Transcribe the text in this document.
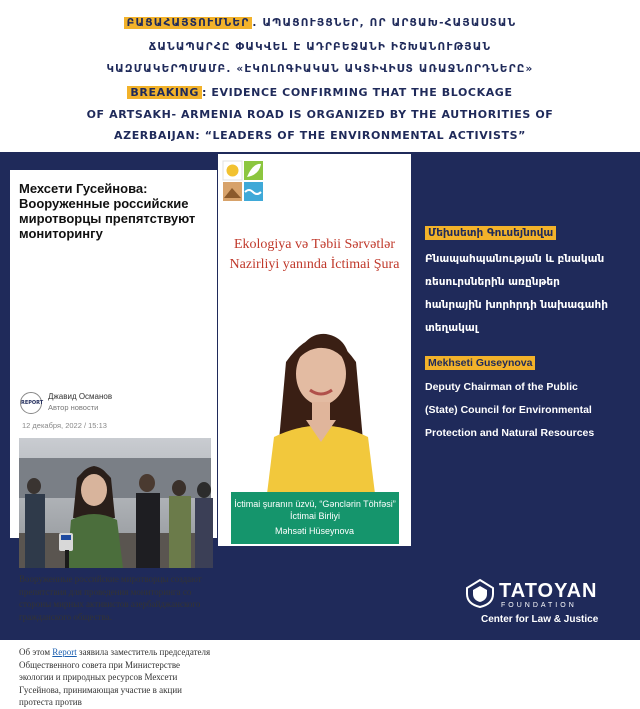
ԲԱՑԱՀԱՅՏՈՒՄՆԵՐ . ԱՊԱՑՈՒՅՑՆԵՐ, ՈՐ ԱՐՑԱԽ-ՀԱՅԱՍՏԱՆ
ՃԱՆԱՊԱՐՀԸ ՓԱԿՎԵԼ Է ԱԴՐԲԵՋԱՆԻ ԻՇԽԱՆՈՒԹՅԱՆ
ԿԱԶՄԱԿԵՐՊՄԱՄԲ. «ԷԿՈԼՈԳԻԱԿԱՆ ԱԿՏԻՎԻՍՏ ԱՌԱՋՆՈՐԴՆԵՐԸ»
BREAKING : EVIDENCE CONFIRMING THAT THE BLOCKAGE
OF ARTSAKH- ARMENIA ROAD IS ORGANIZED BY THE AUTHORITIES OF
AZERBAIJAN: “LEADERS OF THE ENVIRONMENTAL ACTIVISTS”
Мехсети Гусейнова: Вооруженные российские миротворцы препятствуют мониторингу
REPORT
Джавид Османов
Автор новости
12 декабря, 2022 / 15:13
Вооруженные российские миротворцы создают препятствия для проведения мониторинга со стороны мирных активистов азербайджанского гражданского общества.
Об этом Report заявила заместитель председателя Общественного совета при Министерстве экологии и природных ресурсов Мехсети Гусейнова, принимающая участие в акции протеста против
Ekologiya və Təbii Sərvətlər
Nazirliyi yanında İctimai Şura
İctimai şuranın üzvü, “Gənclərin Töhfəsi”
İctimai Birliyi
Məhsəti Hüseynova
Մեխսետի Գուսեյնովա
Բնապահպանության և բնական
ռեսուրսներին առընթեր
հանրային խորհրդի նախագահի
տեղակալ
Mekhseti Guseynova
Deputy Chairman of the Public
(State) Council for Environmental
Protection and Natural Resources
TATOYAN
FOUNDATION
Center for Law & Justice
